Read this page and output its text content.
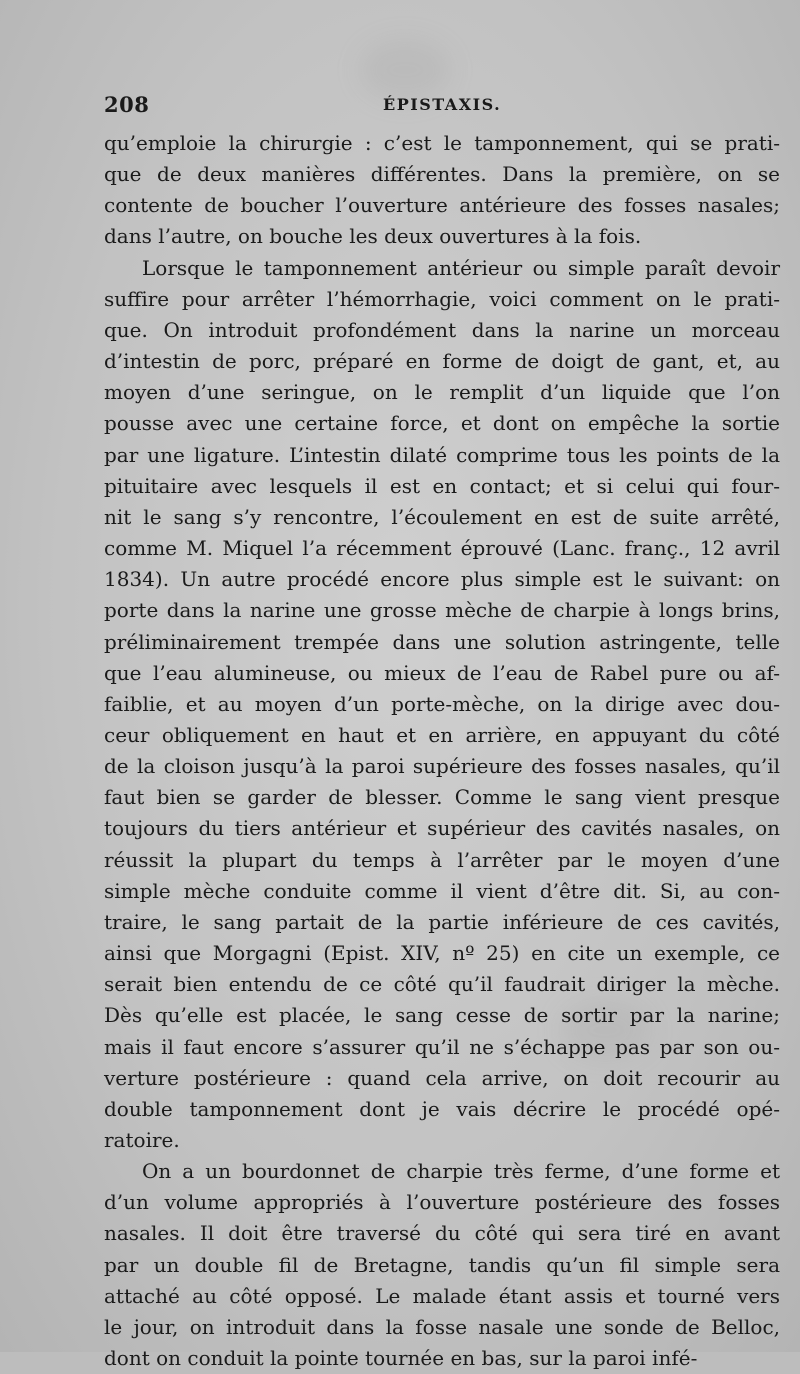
208	ÉPISTAXIS.

qu’emploie la chirurgie : c’est le tamponnement, qui se prati-
que de deux manières différentes. Dans la première, on se
contente de boucher l’ouverture antérieure des fosses nasales;
dans l’autre, on bouche les deux ouvertures à la fois.

Lorsque le tamponnement antérieur ou simple paraît devoir
suffire pour arrêter l’hémorrhagie, voici comment on le prati-
que. On introduit profondément dans la narine un morceau
d’intestin de porc, préparé en forme de doigt de gant, et, au
moyen d’une seringue, on le remplit d’un liquide que l’on
pousse avec une certaine force, et dont on empêche la sortie
par une ligature. L’intestin dilaté comprime tous les points de la
pituitaire avec lesquels il est en contact; et si celui qui four-
nit le sang s’y rencontre, l’écoulement en est de suite arrêté,
comme M. Miquel l’a récemment éprouvé (Lanc. franç., 12 avril
1834). Un autre procédé encore plus simple est le suivant: on
porte dans la narine une grosse mèche de charpie à longs brins,
préliminairement trempée dans une solution astringente, telle
que l’eau alumineuse, ou mieux de l’eau de Rabel pure ou af-
faiblie, et au moyen d’un porte-mèche, on la dirige avec dou-
ceur obliquement en haut et en arrière, en appuyant du côté
de la cloison jusqu’à la paroi supérieure des fosses nasales, qu’il
faut bien se garder de blesser. Comme le sang vient presque
toujours du tiers antérieur et supérieur des cavités nasales, on
réussit la plupart du temps à l’arrêter par le moyen d’une
simple mèche conduite comme il vient d’être dit. Si, au con-
traire, le sang partait de la partie inférieure de ces cavités,
ainsi que Morgagni (Epist. XIV, nº 25) en cite un exemple, ce
serait bien entendu de ce côté qu’il faudrait diriger la mèche.
Dès qu’elle est placée, le sang cesse de sortir par la narine;
mais il faut encore s’assurer qu’il ne s’échappe pas par son ou-
verture postérieure : quand cela arrive, on doit recourir au
double tamponnement dont je vais décrire le procédé opé-
ratoire.

On a un bourdonnet de charpie très ferme, d’une forme et
d’un volume appropriés à l’ouverture postérieure des fosses
nasales. Il doit être traversé du côté qui sera tiré en avant
par un double fil de Bretagne, tandis qu’un fil simple sera
attaché au côté opposé. Le malade étant assis et tourné vers
le jour, on introduit dans la fosse nasale une sonde de Belloc,
dont on conduit la pointe tournée en bas, sur la paroi infé-
